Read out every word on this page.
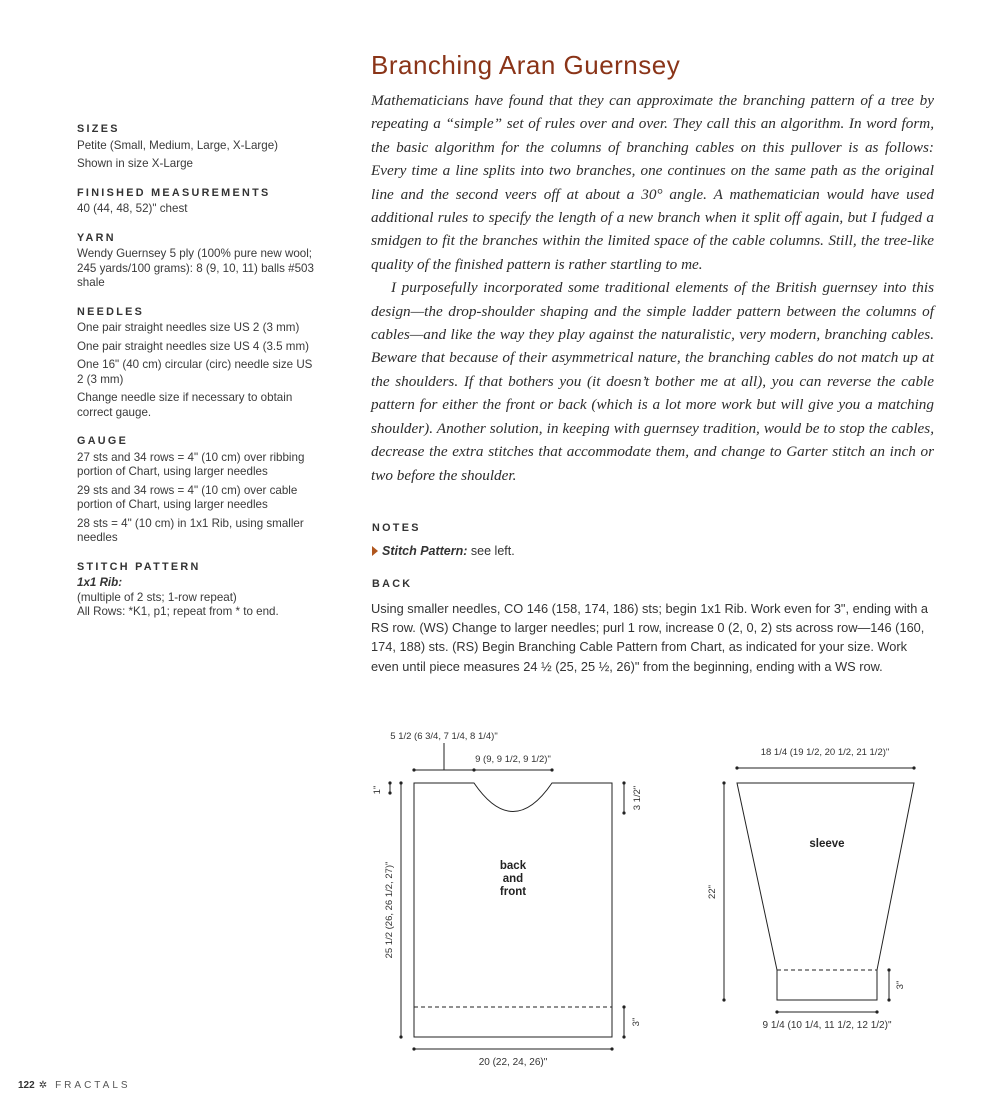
SIZES
Petite (Small, Medium, Large, X-Large)
Shown in size X-Large
FINISHED MEASUREMENTS
40 (44, 48, 52)" chest
YARN
Wendy Guernsey 5 ply (100% pure new wool; 245 yards/100 grams): 8 (9, 10, 11) balls #503 shale
NEEDLES
One pair straight needles size US 2 (3 mm)
One pair straight needles size US 4 (3.5 mm)
One 16" (40 cm) circular (circ) needle size US 2 (3 mm)
Change needle size if necessary to obtain correct gauge.
GAUGE
27 sts and 34 rows = 4" (10 cm) over ribbing portion of Chart, using larger needles
29 sts and 34 rows = 4" (10 cm) over cable portion of Chart, using larger needles
28 sts = 4" (10 cm) in 1x1 Rib, using smaller needles
STITCH PATTERN
1x1 Rib:
(multiple of 2 sts; 1-row repeat)
All Rows: *K1, p1; repeat from * to end.
Branching Aran Guernsey

Mathematicians have found that they can approximate the branching pattern of a tree by repeating a “simple” set of rules over and over. They call this an algorithm. In word form, the basic algorithm for the columns of branching cables on this pullover is as follows: Every time a line splits into two branches, one continues on the same path as the original line and the second veers off at about a 30° angle. A mathematician would have used additional rules to specify the length of a new branch when it split off again, but I fudged a smidgen to fit the branches within the limited space of the cable columns. Still, the tree-like quality of the finished pattern is rather startling to me.

I purposefully incorporated some traditional elements of the British guernsey into this design—the drop-shoulder shaping and the simple ladder pattern between the columns of cables—and like the way they play against the naturalistic, very modern, branching cables. Beware that because of their asymmetrical nature, the branching cables do not match up at the shoulders. If that bothers you (it doesn’t bother me at all), you can reverse the cable pattern for either the front or back (which is a lot more work but will give you a matching shoulder). Another solution, in keeping with guernsey tradition, would be to stop the cables, decrease the extra stitches that accommodate them, and change to Garter stitch an inch or two before the shoulder.

NOTES
Stitch Pattern: see left.
BACK
Using smaller needles, CO 146 (158, 174, 186) sts; begin 1x1 Rib. Work even for 3", ending with a RS row. (WS) Change to larger needles; purl 1 row, increase 0 (2, 0, 2) sts across row—146 (160, 174, 188) sts. (RS) Begin Branching Cable Pattern from Chart, as indicated for your size. Work even until piece measures 24 ½ (25, 25 ½, 26)" from the beginning, ending with a WS row.
5 1/2 (6 3/4, 7 1/4, 8 1/4)"
9 (9, 9 1/2, 9 1/2)"
3 1/2"
1"
25 1/2 (26, 26 1/2, 27)"	back
and
front
3"
20 (22, 24, 26)"
18 1/4 (19 1/2, 20 1/2, 21 1/2)"
sleeve
22"
3"
9 1/4 (10 1/4, 11 1/2, 12 1/2)"
122 ✲ FRACTALS
